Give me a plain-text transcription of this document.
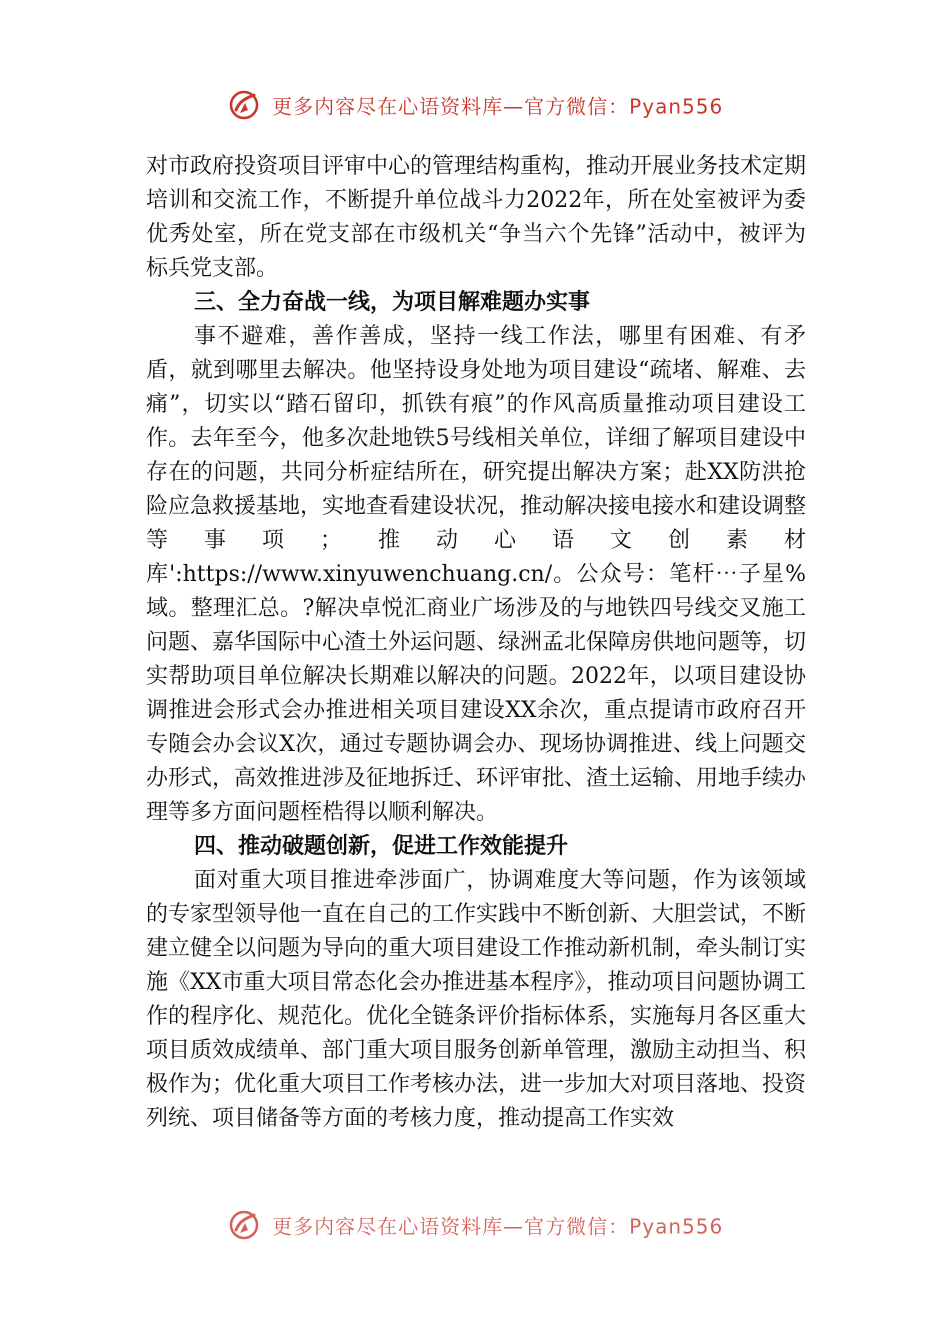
更多内容尽在心语资料库—官方微信：Pyan556

对市政府投资项目评审中心的管理结构重构，推动开展业务技术定期培训和交流工作，不断提升单位战斗力2022年，所在处室被评为委优秀处室，所在党支部在市级机关“争当六个先锋”活动中，被评为标兵党支部。

三、全力奋战一线，为项目解难题办实事

事不避难，善作善成，坚持一线工作法，哪里有困难、有矛盾，就到哪里去解决。他坚持设身处地为项目建设“疏堵、解难、去痛”，切实以“踏石留印，抓铁有痕”的作风高质量推动项目建设工作。去年至今，他多次赴地铁5号线相关单位，详细了解项目建设中存在的问题，共同分析症结所在，研究提出解决方案；赴XX防洪抢险应急救援基地，实地查看建设状况，推动解决接电接水和建设调整等事项；推动心语文创素材库':https://www.xinyuwenchuang.cn/。公众号：笔杆⋯子星%域。整理汇总。?解决卓悦汇商业广场涉及的与地铁四号线交叉施工问题、嘉华国际中心渣土外运问题、绿洲孟北保障房供地问题等，切实帮助项目单位解决长期难以解决的问题。2022年，以项目建设协调推进会形式会办推进相关项目建设XX余次，重点提请市政府召开专随会办会议X次，通过专题协调会办、现场协调推进、线上问题交办形式，高效推进涉及征地拆迁、环评审批、渣土运输、用地手续办理等多方面问题桎梏得以顺利解决。

四、推动破题创新，促进工作效能提升

面对重大项目推进牵涉面广，协调难度大等问题，作为该领域的专家型领导他一直在自己的工作实践中不断创新、大胆尝试，不断建立健全以问题为导向的重大项目建设工作推动新机制，牵头制订实施《XX市重大项目常态化会办推进基本程序》，推动项目问题协调工作的程序化、规范化。优化全链条评价指标体系，实施每月各区重大项目质效成绩单、部门重大项目服务创新单管理，激励主动担当、积极作为；优化重大项目工作考核办法，进一步加大对项目落地、投资列统、项目储备等方面的考核力度，推动提高工作实效

更多内容尽在心语资料库—官方微信：Pyan556
